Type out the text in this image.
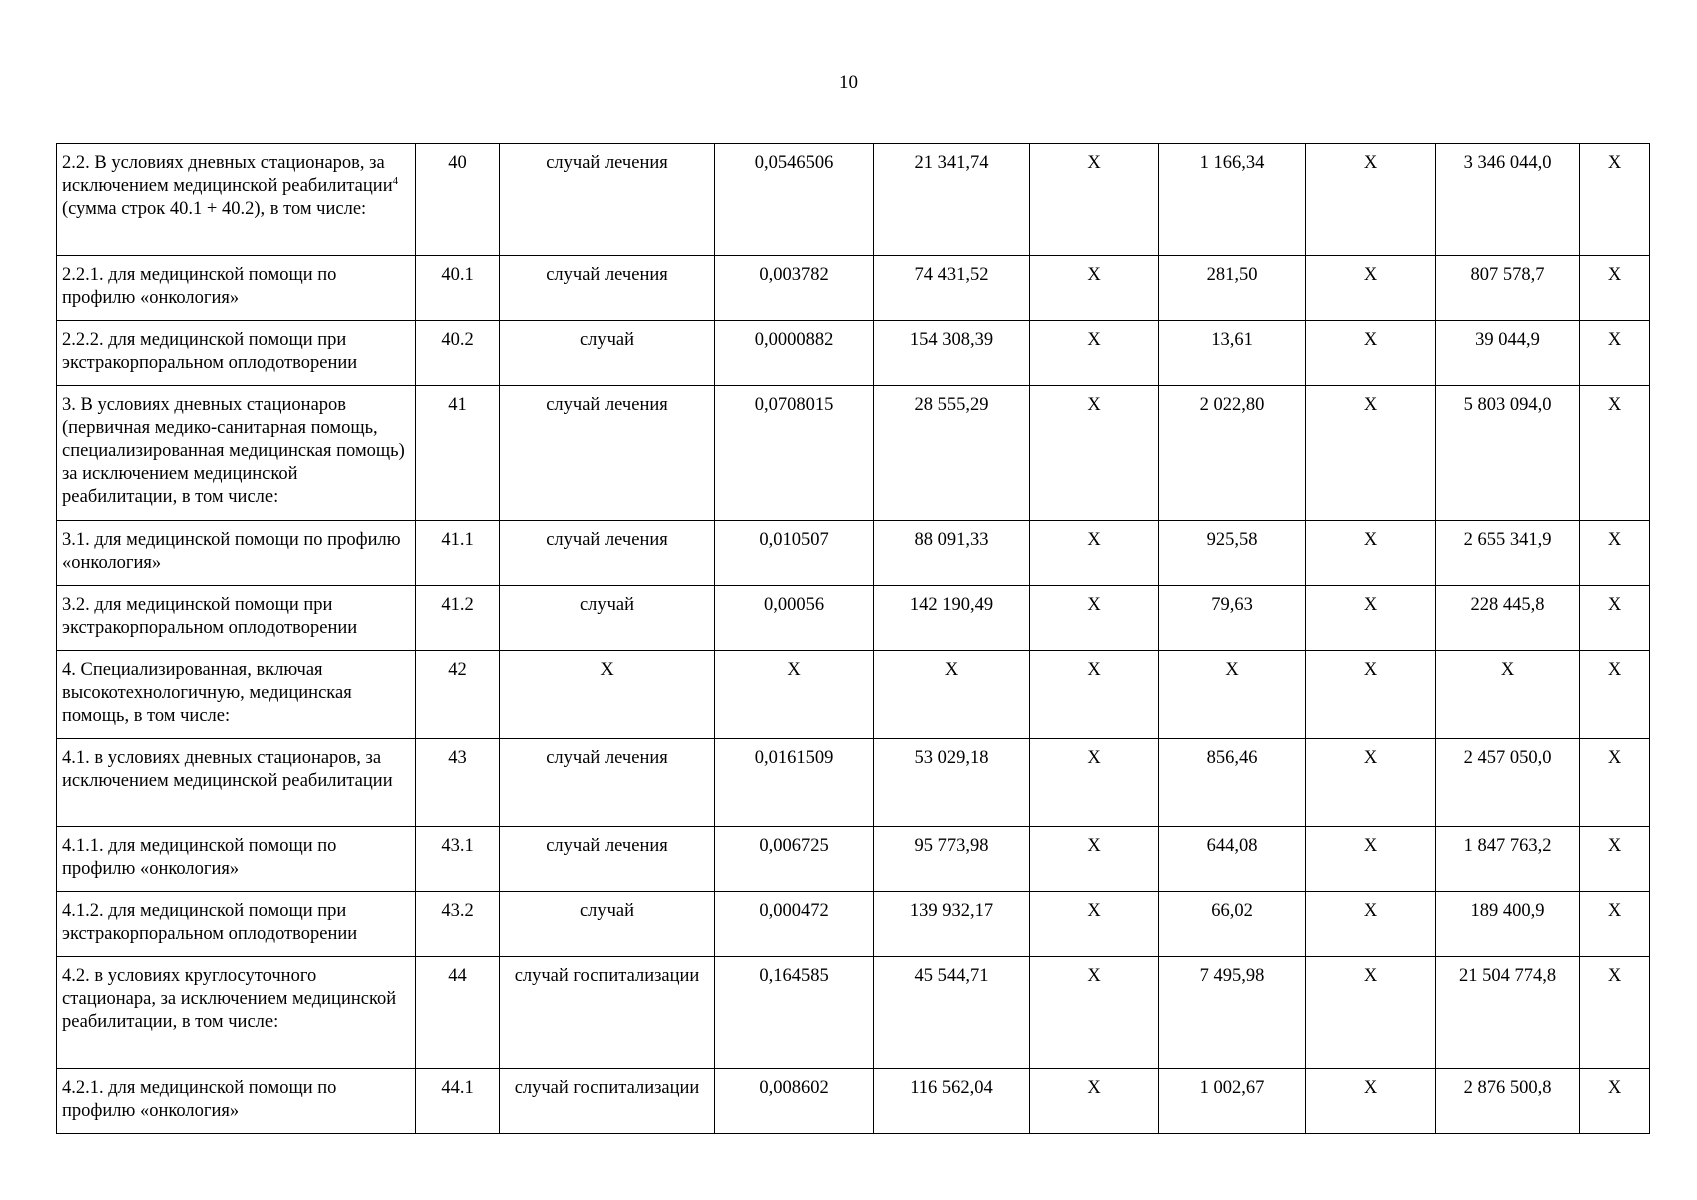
10
2.2. В условиях дневных стационаров, за исключением медицинской реабилитации$^4$ (сумма строк 40.1 + 40.2), в том числе:	40	случай лечения	0,0546506	21 341,74	Х	1 166,34	Х	3 346 044,0	Х
2.2.1. для медицинской помощи по профилю «онкология»	40.1	случай лечения	0,003782	74 431,52	Х	281,50	Х	807 578,7	Х
2.2.2. для медицинской помощи при экстракорпоральном оплодотворении	40.2	случай	0,0000882	154 308,39	Х	13,61	Х	39 044,9	Х
3. В условиях дневных стационаров (первичная медико-санитарная помощь, специализированная медицинская помощь) за исключением медицинской реабилитации, в том числе:	41	случай лечения	0,0708015	28 555,29	Х	2 022,80	Х	5 803 094,0	Х
3.1. для медицинской помощи по профилю «онкология»	41.1	случай лечения	0,010507	88 091,33	Х	925,58	Х	2 655 341,9	Х
3.2. для медицинской помощи при экстракорпоральном оплодотворении	41.2	случай	0,00056	142 190,49	Х	79,63	Х	228 445,8	Х
4. Специализированная, включая высокотехнологичную, медицинская помощь, в том числе:	42	Х	Х	Х	Х	Х	Х	Х	Х
4.1. в условиях дневных стационаров, за исключением медицинской реабилитации	43	случай лечения	0,0161509	53 029,18	Х	856,46	Х	2 457 050,0	Х
4.1.1. для медицинской помощи по профилю «онкология»	43.1	случай лечения	0,006725	95 773,98	Х	644,08	Х	1 847 763,2	Х
4.1.2. для медицинской помощи при экстракорпоральном оплодотворении	43.2	случай	0,000472	139 932,17	Х	66,02	Х	189 400,9	Х
4.2. в условиях круглосуточного стационара, за исключением медицинской реабилитации, в том числе:	44	случай госпитализации	0,164585	45 544,71	Х	7 495,98	Х	21 504 774,8	Х
4.2.1. для медицинской помощи по профилю «онкология»	44.1	случай госпитализации	0,008602	116 562,04	Х	1 002,67	Х	2 876 500,8	Х
